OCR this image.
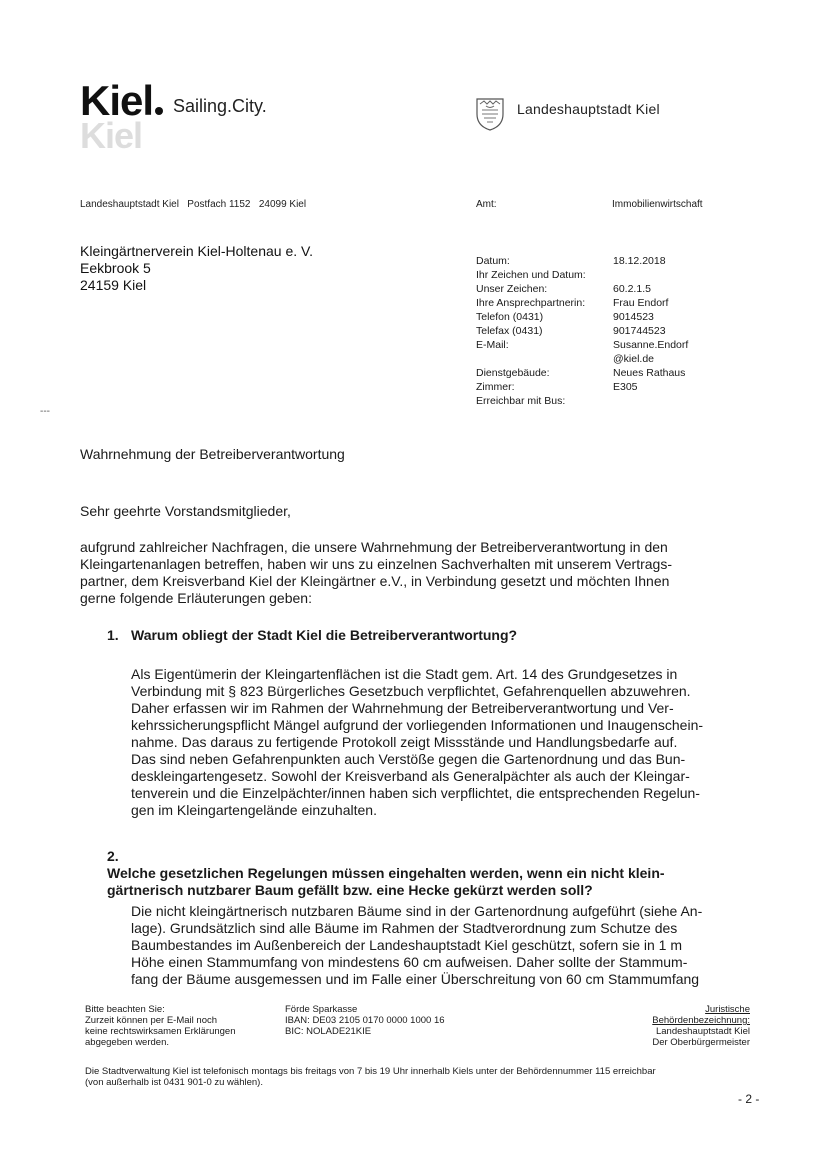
Kiel	Sailing.City.
Kiel
Landeshauptstadt Kiel
Landeshauptstadt Kiel   Postfach 1152   24099 Kiel	Amt:	Immobilienwirtschaft
Kleingärtnerverein Kiel-Holtenau e. V.
Eekbrook 5
24159 Kiel
Datum:	18.12.2018
Ihr Zeichen und Datum:
Unser Zeichen:	60.2.1.5
Ihre Ansprechpartnerin:	Frau Endorf
Telefon (0431)	9014523
Telefax (0431)	901744523
E-Mail:	Susanne.Endorf
@kiel.de
Dienstgebäude:	Neues Rathaus
Zimmer:	E305
Erreichbar mit Bus:
---
Wahrnehmung der Betreiberverantwortung
Sehr geehrte Vorstandsmitglieder,
aufgrund zahlreicher Nachfragen, die unsere Wahrnehmung der Betreiberverantwortung in den
Kleingartenanlagen betreffen, haben wir uns zu einzelnen Sachverhalten mit unserem Vertrags-
partner, dem Kreisverband Kiel der Kleingärtner e.V., in Verbindung gesetzt und möchten Ihnen
gerne folgende Erläuterungen geben:
1. Warum obliegt der Stadt Kiel die Betreiberverantwortung?
Als Eigentümerin der Kleingartenflächen ist die Stadt gem. Art. 14 des Grundgesetzes in
Verbindung mit § 823 Bürgerliches Gesetzbuch verpflichtet, Gefahrenquellen abzuwehren.
Daher erfassen wir im Rahmen der Wahrnehmung der Betreiberverantwortung und Ver-
kehrssicherungspflicht Mängel aufgrund der vorliegenden Informationen und Inaugenschein-
nahme. Das daraus zu fertigende Protokoll zeigt Missstände und Handlungsbedarfe auf.
Das sind neben Gefahrenpunkten auch Verstöße gegen die Gartenordnung und das Bun-
deskleingartengesetz. Sowohl der Kreisverband als Generalpächter als auch der Kleingar-
tenverein und die Einzelpächter/innen haben sich verpflichtet, die entsprechenden Regelun-
gen im Kleingartengelände einzuhalten.
2.
Welche gesetzlichen Regelungen müssen eingehalten werden, wenn ein nicht klein-
gärtnerisch nutzbarer Baum gefällt bzw. eine Hecke gekürzt werden soll?
Die nicht kleingärtnerisch nutzbaren Bäume sind in der Gartenordnung aufgeführt (siehe An-
lage). Grundsätzlich sind alle Bäume im Rahmen der Stadtverordnung zum Schutze des
Baumbestandes im Außenbereich der Landeshauptstadt Kiel geschützt, sofern sie in 1 m
Höhe einen Stammumfang von mindestens 60 cm aufweisen. Daher sollte der Stammum-
fang der Bäume ausgemessen und im Falle einer Überschreitung von 60 cm Stammumfang
Bitte beachten Sie:
Zurzeit können per E-Mail noch
keine rechtswirksamen Erklärungen
abgegeben werden.
Förde Sparkasse
IBAN: DE03 2105 0170 0000 1000 16
BIC: NOLADE21KIE
Juristische
Behördenbezeichnung:
Landeshauptstadt Kiel
Der Oberbürgermeister
Die Stadtverwaltung Kiel ist telefonisch montags bis freitags von 7 bis 19 Uhr innerhalb Kiels unter der Behördennummer 115 erreichbar
(von außerhalb ist 0431 901-0 zu wählen).
- 2 -
